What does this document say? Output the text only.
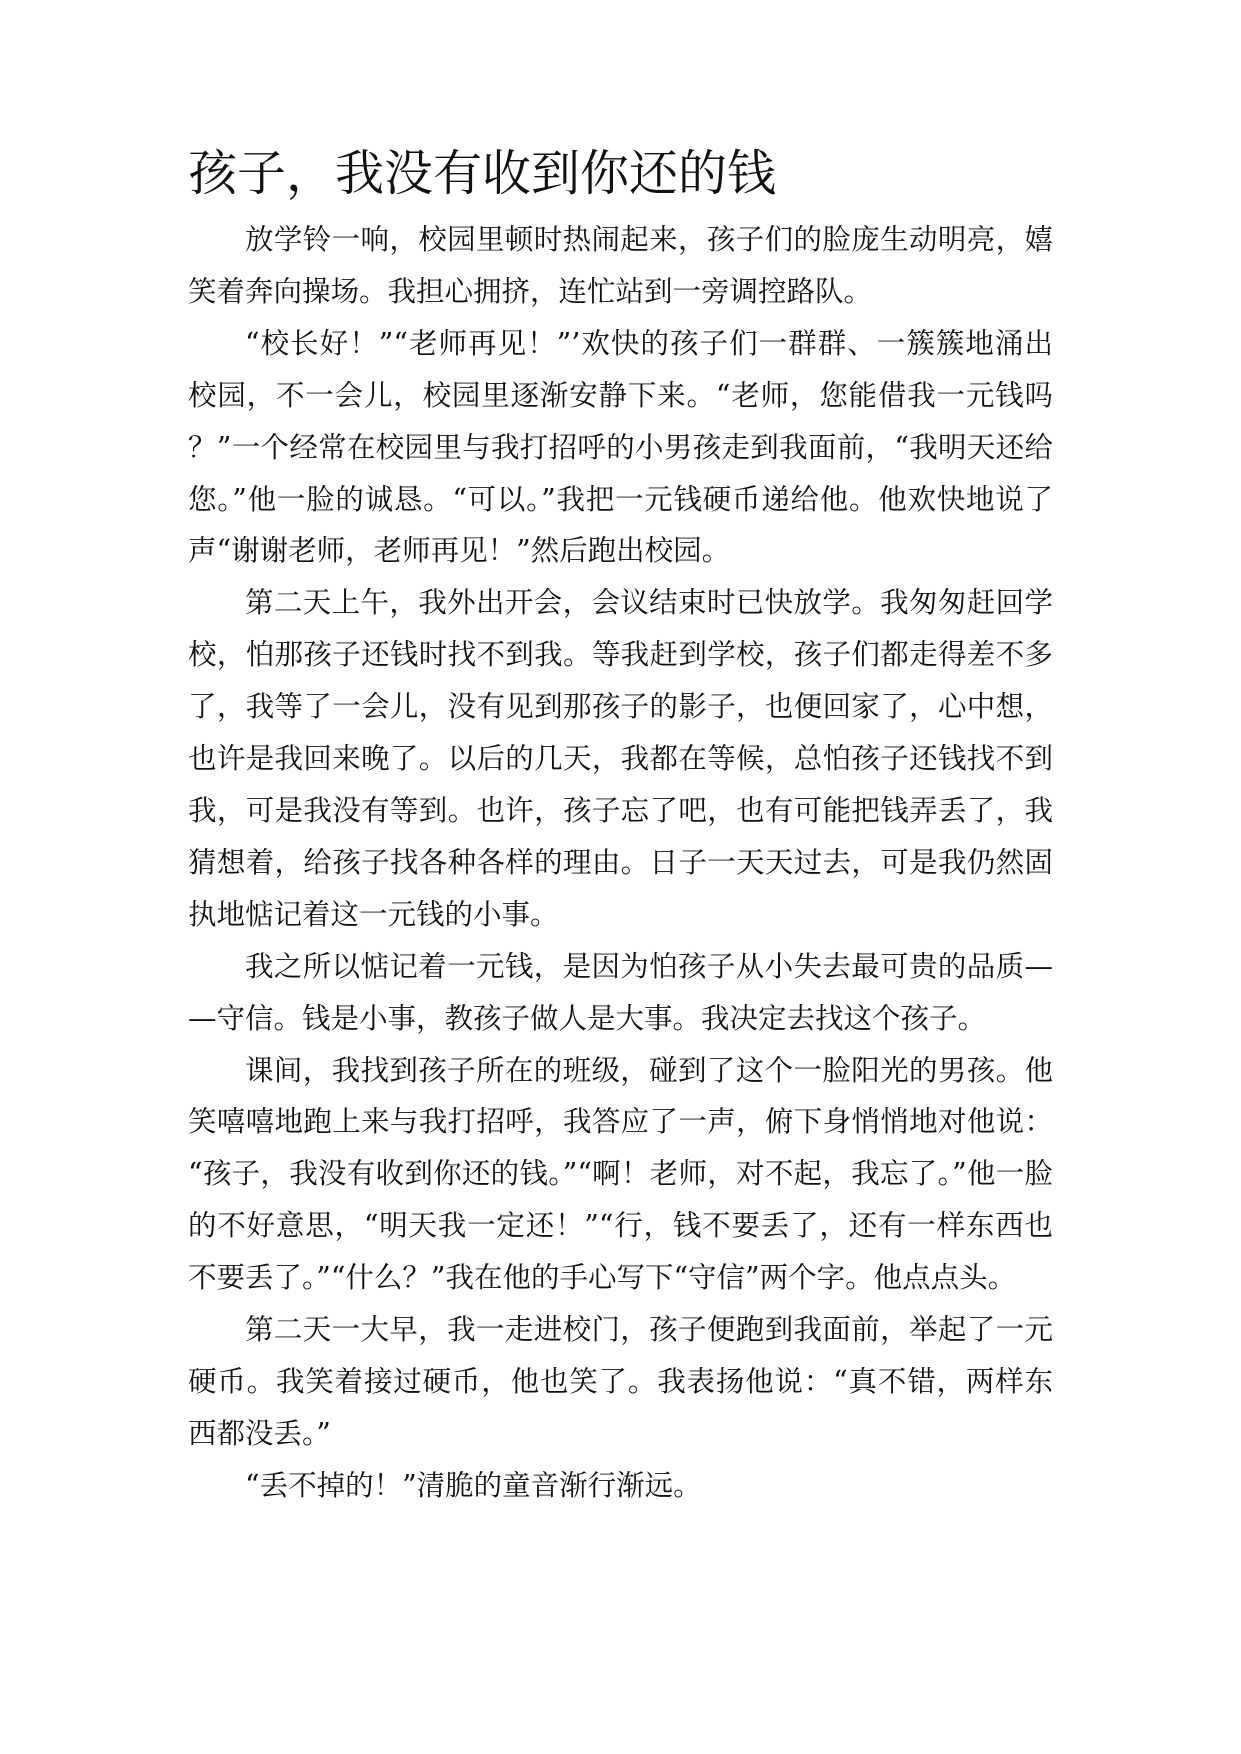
孩子，我没有收到你还的钱

放学铃一响，校园里顿时热闹起来，孩子们的脸庞生动明亮，嬉笑着奔向操场。我担心拥挤，连忙站到一旁调控路队。

“校长好！”“老师再见！”’欢快的孩子们一群群、一簇簇地涌出校园，不一会儿，校园里逐渐安静下来。“老师，您能借我一元钱吗？”一个经常在校园里与我打招呼的小男孩走到我面前，“我明天还给您。”他一脸的诚恳。“可以。”我把一元钱硬币递给他。他欢快地说了声“谢谢老师，老师再见！”然后跑出校园。

第二天上午，我外出开会，会议结束时已快放学。我匆匆赶回学校，怕那孩子还钱时找不到我。等我赶到学校，孩子们都走得差不多了，我等了一会儿，没有见到那孩子的影子，也便回家了，心中想，也许是我回来晚了。以后的几天，我都在等候，总怕孩子还钱找不到我，可是我没有等到。也许，孩子忘了吧，也有可能把钱弄丢了，我猜想着，给孩子找各种各样的理由。日子一天天过去，可是我仍然固执地惦记着这一元钱的小事。

我之所以惦记着一元钱，是因为怕孩子从小失去最可贵的品质——守信。钱是小事，教孩子做人是大事。我决定去找这个孩子。

课间，我找到孩子所在的班级，碰到了这个一脸阳光的男孩。他笑嘻嘻地跑上来与我打招呼，我答应了一声，俯下身悄悄地对他说：“孩子，我没有收到你还的钱。”“啊！老师，对不起，我忘了。”他一脸的不好意思，“明天我一定还！”“行，钱不要丢了，还有一样东西也不要丢了。”“什么？”我在他的手心写下“守信”两个字。他点点头。

第二天一大早，我一走进校门，孩子便跑到我面前，举起了一元硬币。我笑着接过硬币，他也笑了。我表扬他说：“真不错，两样东西都没丢。”

“丢不掉的！”清脆的童音渐行渐远。
